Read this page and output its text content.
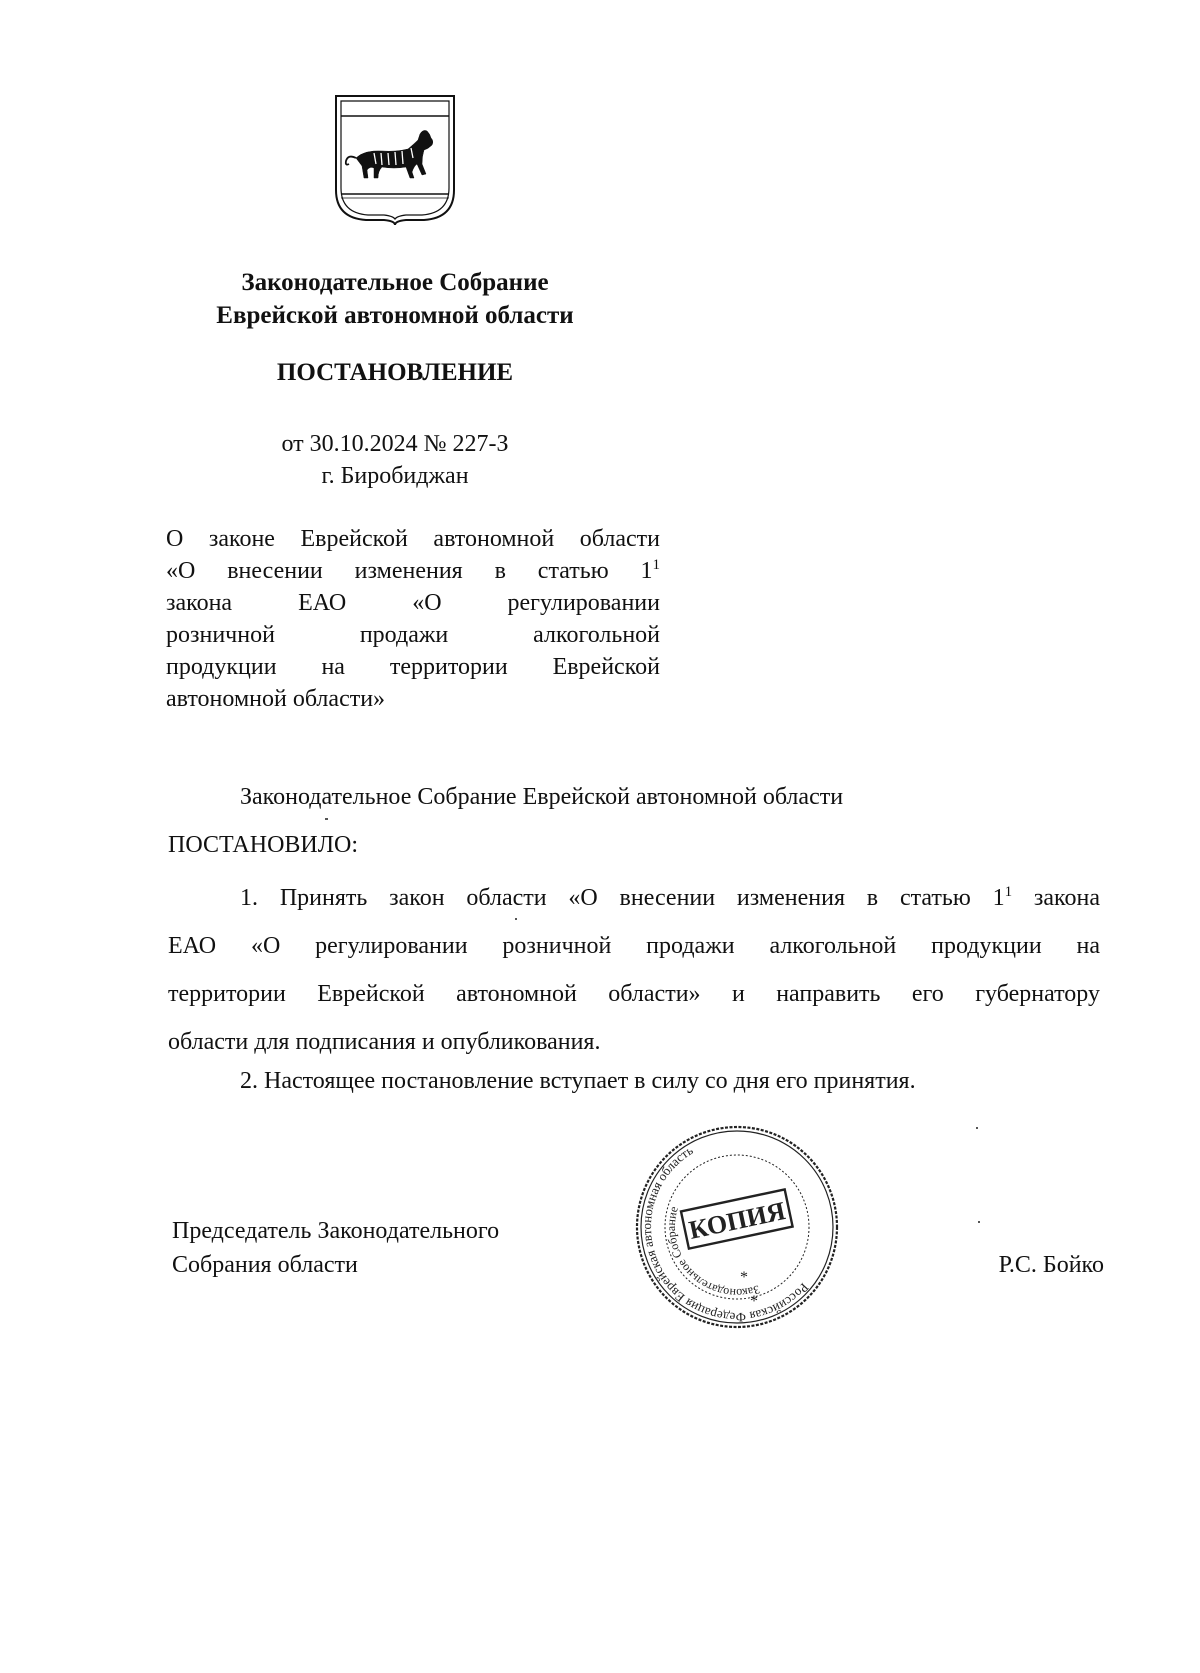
Законодательное Собрание
Еврейской автономной области
ПОСТАНОВЛЕНИЕ
от 30.10.2024 № 227-З
г. Биробиджан
О законе Еврейской автономной области
«О внесении изменения в статью $1^1$
закона ЕАО «О регулировании
розничной продажи алкогольной
продукции на территории Еврейской
автономной области»
Законодательное Собрание Еврейской автономной области
ПОСТАНОВИЛО:
1. Принять закон области «О внесении изменения в статью $1^1$ закона
ЕАО «О регулировании розничной продажи алкогольной продукции на
территории Еврейской автономной области» и направить его губернатору
области для подписания и опубликования.
2. Настоящее постановление вступает в силу со дня его принятия.
Председатель Законодательного
Собрания области	Р.С. Бойко
Российская Федерация Еврейская автономная область
Законодательное Собрание КОПИЯ
*
*
